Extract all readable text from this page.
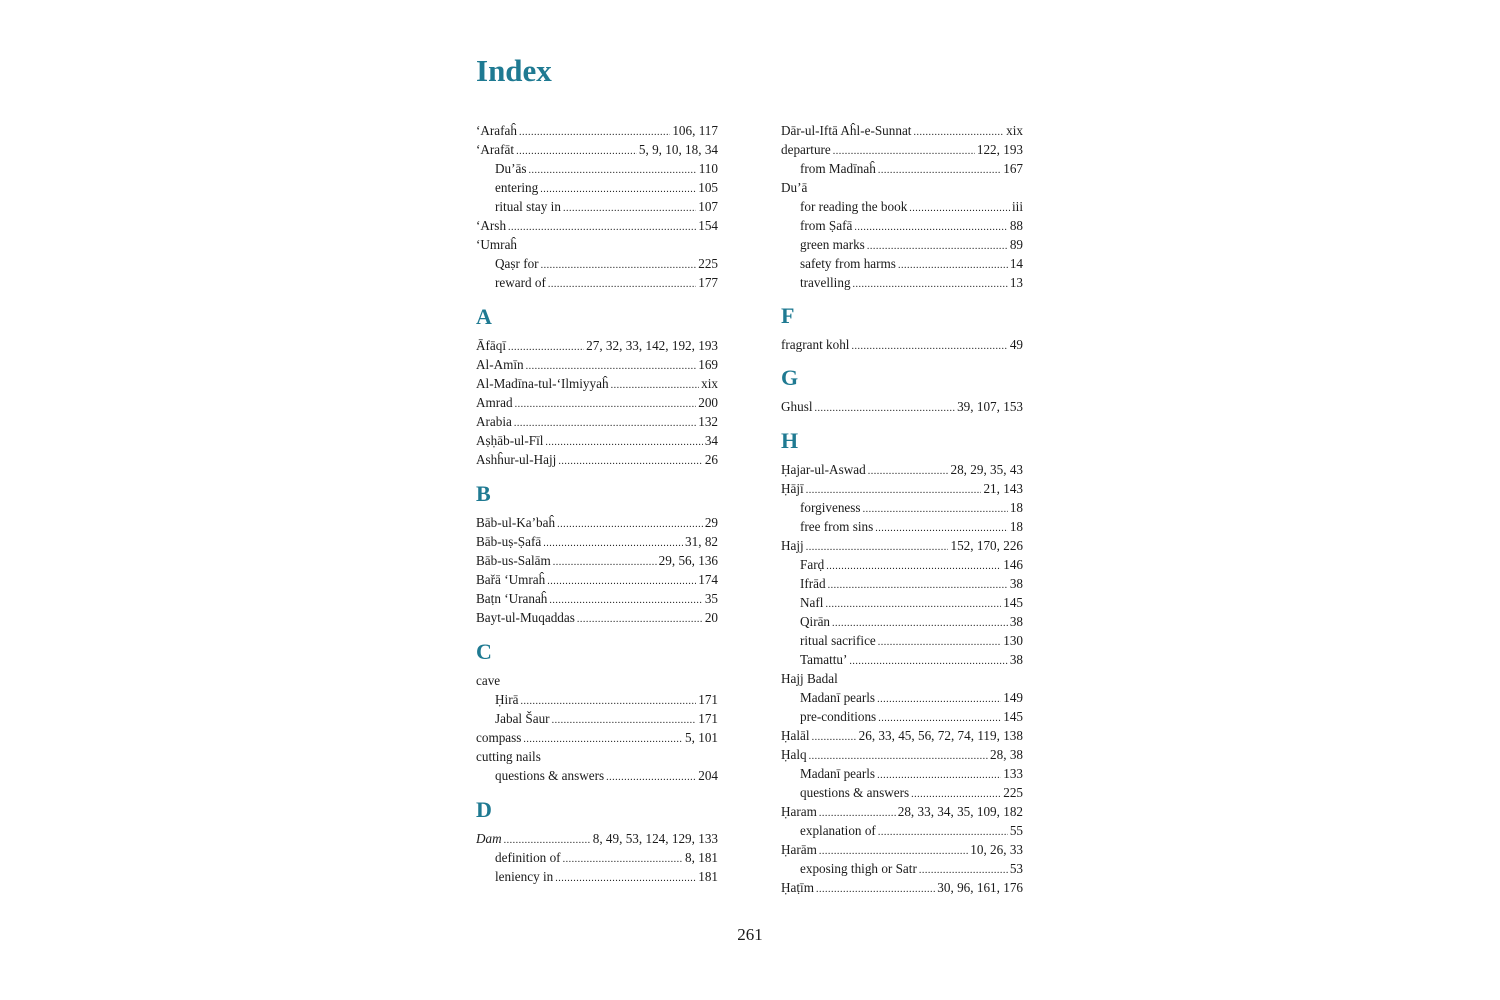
Index
‘Arafaĥ .....	106, 117
‘Arafāt .....	5, 9, 10, 18, 34
Du’ās .....	110
entering .....	105
ritual stay in .....	107
‘Arsh .....	154
‘Umraĥ
Qaṣr for .....	225
reward of .....	177
A
Āfāqī .....	27, 32, 33, 142, 192, 193
Al-Amīn .....	169
Al-Madīna-tul-‘Ilmiyyaĥ .....	xix
Amrad .....	200
Arabia .....	132
Aṣḥāb-ul-Fīl .....	34
Ashĥur-ul-Hajj .....	26
B
Bāb-ul-Ka’baĥ .....	29
Bāb-uṣ-Ṣafā .....	31, 82
Bāb-us-Salām .....	29, 56, 136
Bařā ‘Umraĥ .....	174
Baṭn ‘Uranaĥ .....	35
Bayt-ul-Muqaddas .....	20
C
cave
Ḥirā .....	171
Jabal Šaur .....	171
compass .....	5, 101
cutting nails
questions & answers .....	204
D
Dam .....	8, 49, 53, 124, 129, 133
definition of .....	8, 181
leniency in .....	181
Dār-ul-Iftā Aĥl-e-Sunnat .....	xix
departure .....	122, 193
from Madīnaĥ .....	167
Du’ā
for reading the book .....	iii
from Ṣafā .....	88
green marks .....	89
safety from harms .....	14
travelling .....	13
F
fragrant kohl .....	49
G
Ghusl .....	39, 107, 153
H
Ḥajar-ul-Aswad .....	28, 29, 35, 43
Ḥājī .....	21, 143
forgiveness .....	18
free from sins .....	18
Hajj .....	152, 170, 226
Farḍ .....	146
Ifrād .....	38
Nafl .....	145
Qirān .....	38
ritual sacrifice .....	130
Tamattu’ .....	38
Hajj Badal
Madanī pearls .....	149
pre-conditions .....	145
Ḥalāl .....	26, 33, 45, 56, 72, 74, 119, 138
Ḥalq .....	28, 38
Madanī pearls .....	133
questions & answers .....	225
Ḥaram .....	28, 33, 34, 35, 109, 182
explanation of .....	55
Ḥarām .....	10, 26, 33
exposing thigh or Satr .....	53
Ḥaṭīm .....	30, 96, 161, 176
261
